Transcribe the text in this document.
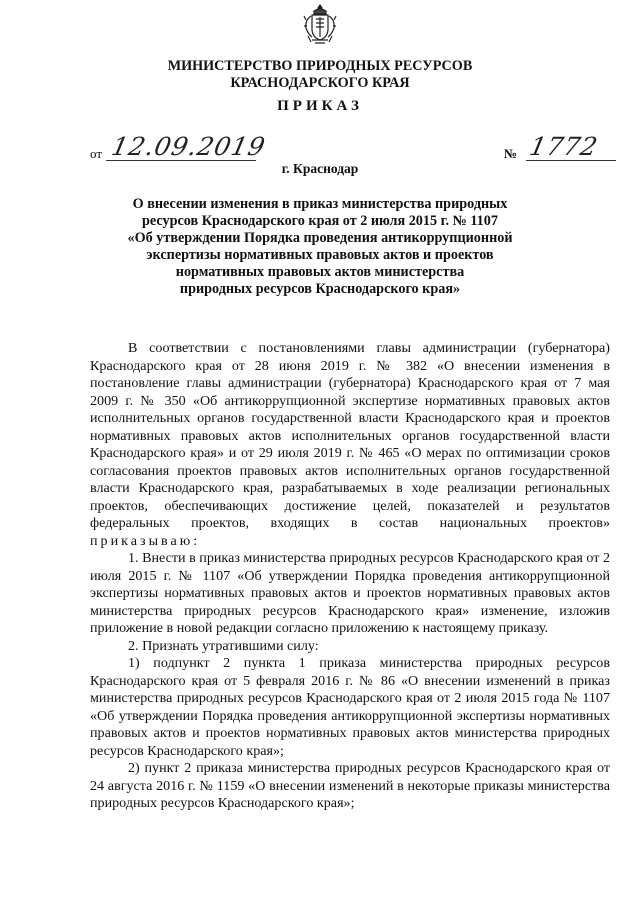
МИНИСТЕРСТВО ПРИРОДНЫХ РЕСУРСОВ
КРАСНОДАРСКОГО КРАЯ
ПРИКАЗ
от 12.09.2019	№ 1772
г. Краснодар
О внесении изменения в приказ министерства природных
ресурсов Краснодарского края от 2 июля 2015 г. № 1107
«Об утверждении Порядка проведения антикоррупционной
экспертизы нормативных правовых актов и проектов
нормативных правовых актов министерства
природных ресурсов Краснодарского края»

В соответствии с постановлениями главы администрации (губернатора) Краснодарского края от 28 июня 2019 г. № 382 «О внесении изменения в постановление главы администрации (губернатора) Краснодарского края от 7 мая 2009 г. № 350 «Об антикоррупционной экспертизе нормативных правовых актов исполнительных органов государственной власти Краснодарского края и проектов нормативных правовых актов исполнительных органов государственной власти Краснодарского края» и от 29 июля 2019 г. № 465 «О мерах по оптимизации сроков согласования проектов правовых актов исполнительных органов государственной власти Краснодарского края, разрабатываемых в ходе реализации региональных проектов, обеспечивающих достижение целей, показателей и результатов федеральных проектов, входящих в состав национальных проектов» приказываю:

1. Внести в приказ министерства природных ресурсов Краснодарского края от 2 июля 2015 г. № 1107 «Об утверждении Порядка проведения антикоррупционной экспертизы нормативных правовых актов и проектов нормативных правовых актов министерства природных ресурсов Краснодарского края» изменение, изложив приложение в новой редакции согласно приложению к настоящему приказу.

2. Признать утратившими силу:

1) подпункт 2 пункта 1 приказа министерства природных ресурсов Краснодарского края от 5 февраля 2016 г. № 86 «О внесении изменений в приказ министерства природных ресурсов Краснодарского края от 2 июля 2015 года № 1107 «Об утверждении Порядка проведения антикоррупционной экспертизы нормативных правовых актов и проектов нормативных правовых актов министерства природных ресурсов Краснодарского края»;

2) пункт 2 приказа министерства природных ресурсов Краснодарского края от 24 августа 2016 г. № 1159 «О внесении изменений в некоторые приказы министерства природных ресурсов Краснодарского края»;
